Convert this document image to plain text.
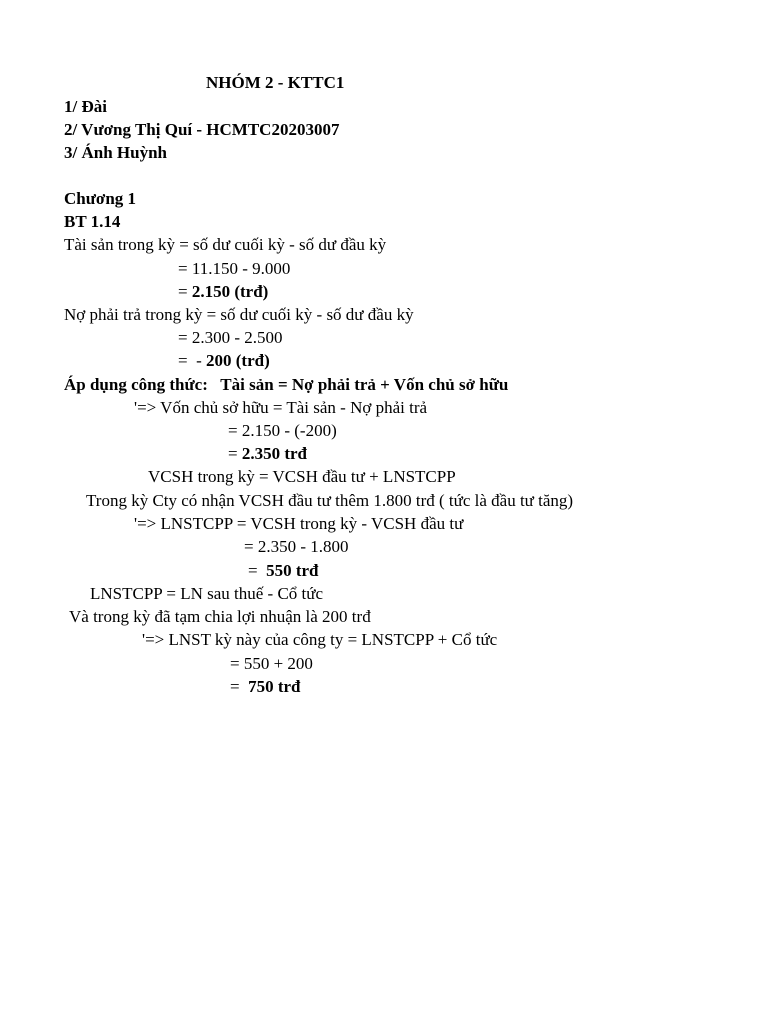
NHÓM 2 - KTTC1
1/ Đài
2/ Vương Thị Quí - HCMTC20203007
3/ Ánh Huỳnh
Chương 1
BT 1.14
Tài sản trong kỳ = số dư cuối kỳ - số dư đầu kỳ
= 11.150 - 9.000
= 2.150 (trđ)
Nợ phải trả trong kỳ = số dư cuối kỳ - số dư đầu kỳ
= 2.300 - 2.500
=  - 200 (trđ)
Áp dụng công thức:   Tài sản = Nợ phải trả + Vốn chủ sở hữu
'=> Vốn chủ sở hữu = Tài sản - Nợ phải trả
= 2.150 - (-200)
= 2.350 trđ
VCSH trong kỳ = VCSH đầu tư + LNSTCPP
Trong kỳ Cty có nhận VCSH đầu tư thêm 1.800 trđ ( tức là đầu tư tăng)
'=> LNSTCPP = VCSH trong kỳ - VCSH đầu tư
= 2.350 - 1.800
=  550 trđ
LNSTCPP = LN sau thuế - Cổ tức
Và trong kỳ đã tạm chia lợi nhuận là 200 trđ
'=> LNST kỳ này của công ty = LNSTCPP + Cổ tức
= 550 + 200
=  750 trđ
